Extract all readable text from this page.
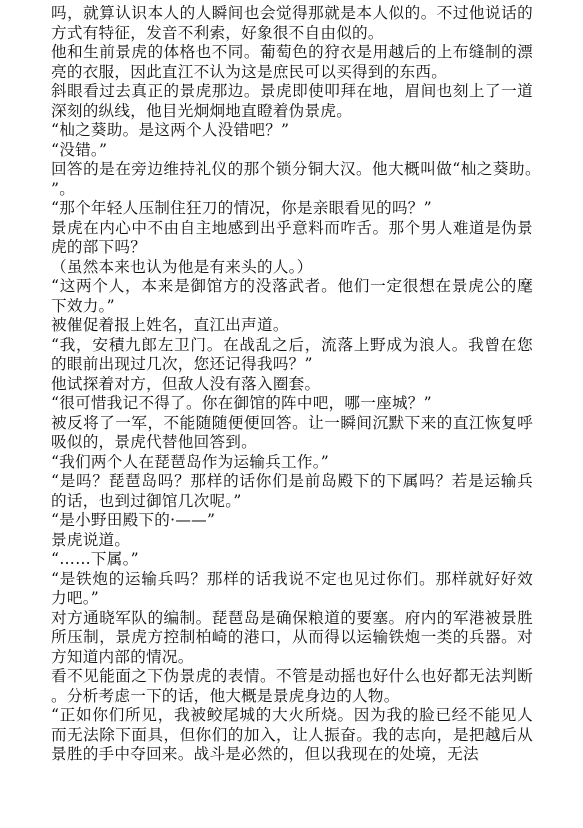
吗，就算认识本人的人瞬间也会觉得那就是本人似的。不过他说话的方式有特征，发音不利索，好象很不自由似的。

他和生前景虎的体格也不同。葡萄色的狩衣是用越后的上布缝制的漂亮的衣服，因此直江不认为这是庶民可以买得到的东西。

斜眼看过去真正的景虎那边。景虎即使叩拜在地，眉间也刻上了一道深刻的纵线，他目光炯炯地直瞪着伪景虎。

“杣之葵助。是这两个人没错吧？”

“没错。”

回答的是在旁边维持礼仪的那个锁分铜大汉。他大概叫做“杣之葵助。”。

“那个年轻人压制住狂刀的情况，你是亲眼看见的吗？”

景虎在内心中不由自主地感到出乎意料而咋舌。那个男人难道是伪景虎的部下吗？

（虽然本来也认为他是有来头的人。）

“这两个人，本来是御馆方的没落武者。他们一定很想在景虎公的麾下效力。”

被催促着报上姓名，直江出声道。

“我，安積九郎左卫门。在战乱之后，流落上野成为浪人。我曾在您的眼前出现过几次，您还记得我吗？”

他试探着对方，但敌人没有落入圈套。

“很可惜我记不得了。你在御馆的阵中吧，哪一座城？”

被反将了一军，不能随随便便回答。让一瞬间沉默下来的直江恢复呼吸似的，景虎代替他回答到。

“我们两个人在琵琶岛作为运输兵工作。”

“是吗？琵琶岛吗？那样的话你们是前岛殿下的下属吗？若是运输兵的话，也到过御馆几次呢。”

“是小野田殿下的·——”

景虎说道。

“……下属。”

“是铁炮的运输兵吗？那样的话我说不定也见过你们。那样就好好效力吧。”

对方通晓军队的编制。琵琶岛是确保粮道的要塞。府内的军港被景胜所压制，景虎方控制柏崎的港口，从而得以运输铁炮一类的兵器。对方知道内部的情况。

看不见能面之下伪景虎的表情。不管是动摇也好什么也好都无法判断。分析考虑一下的话，他大概是景虎身边的人物。

“正如你们所见，我被鲛尾城的大火所烧。因为我的脸已经不能见人而无法除下面具，但你们的加入，让人振奋。我的志向，是把越后从景胜的手中夺回来。战斗是必然的，但以我现在的处境，无法
